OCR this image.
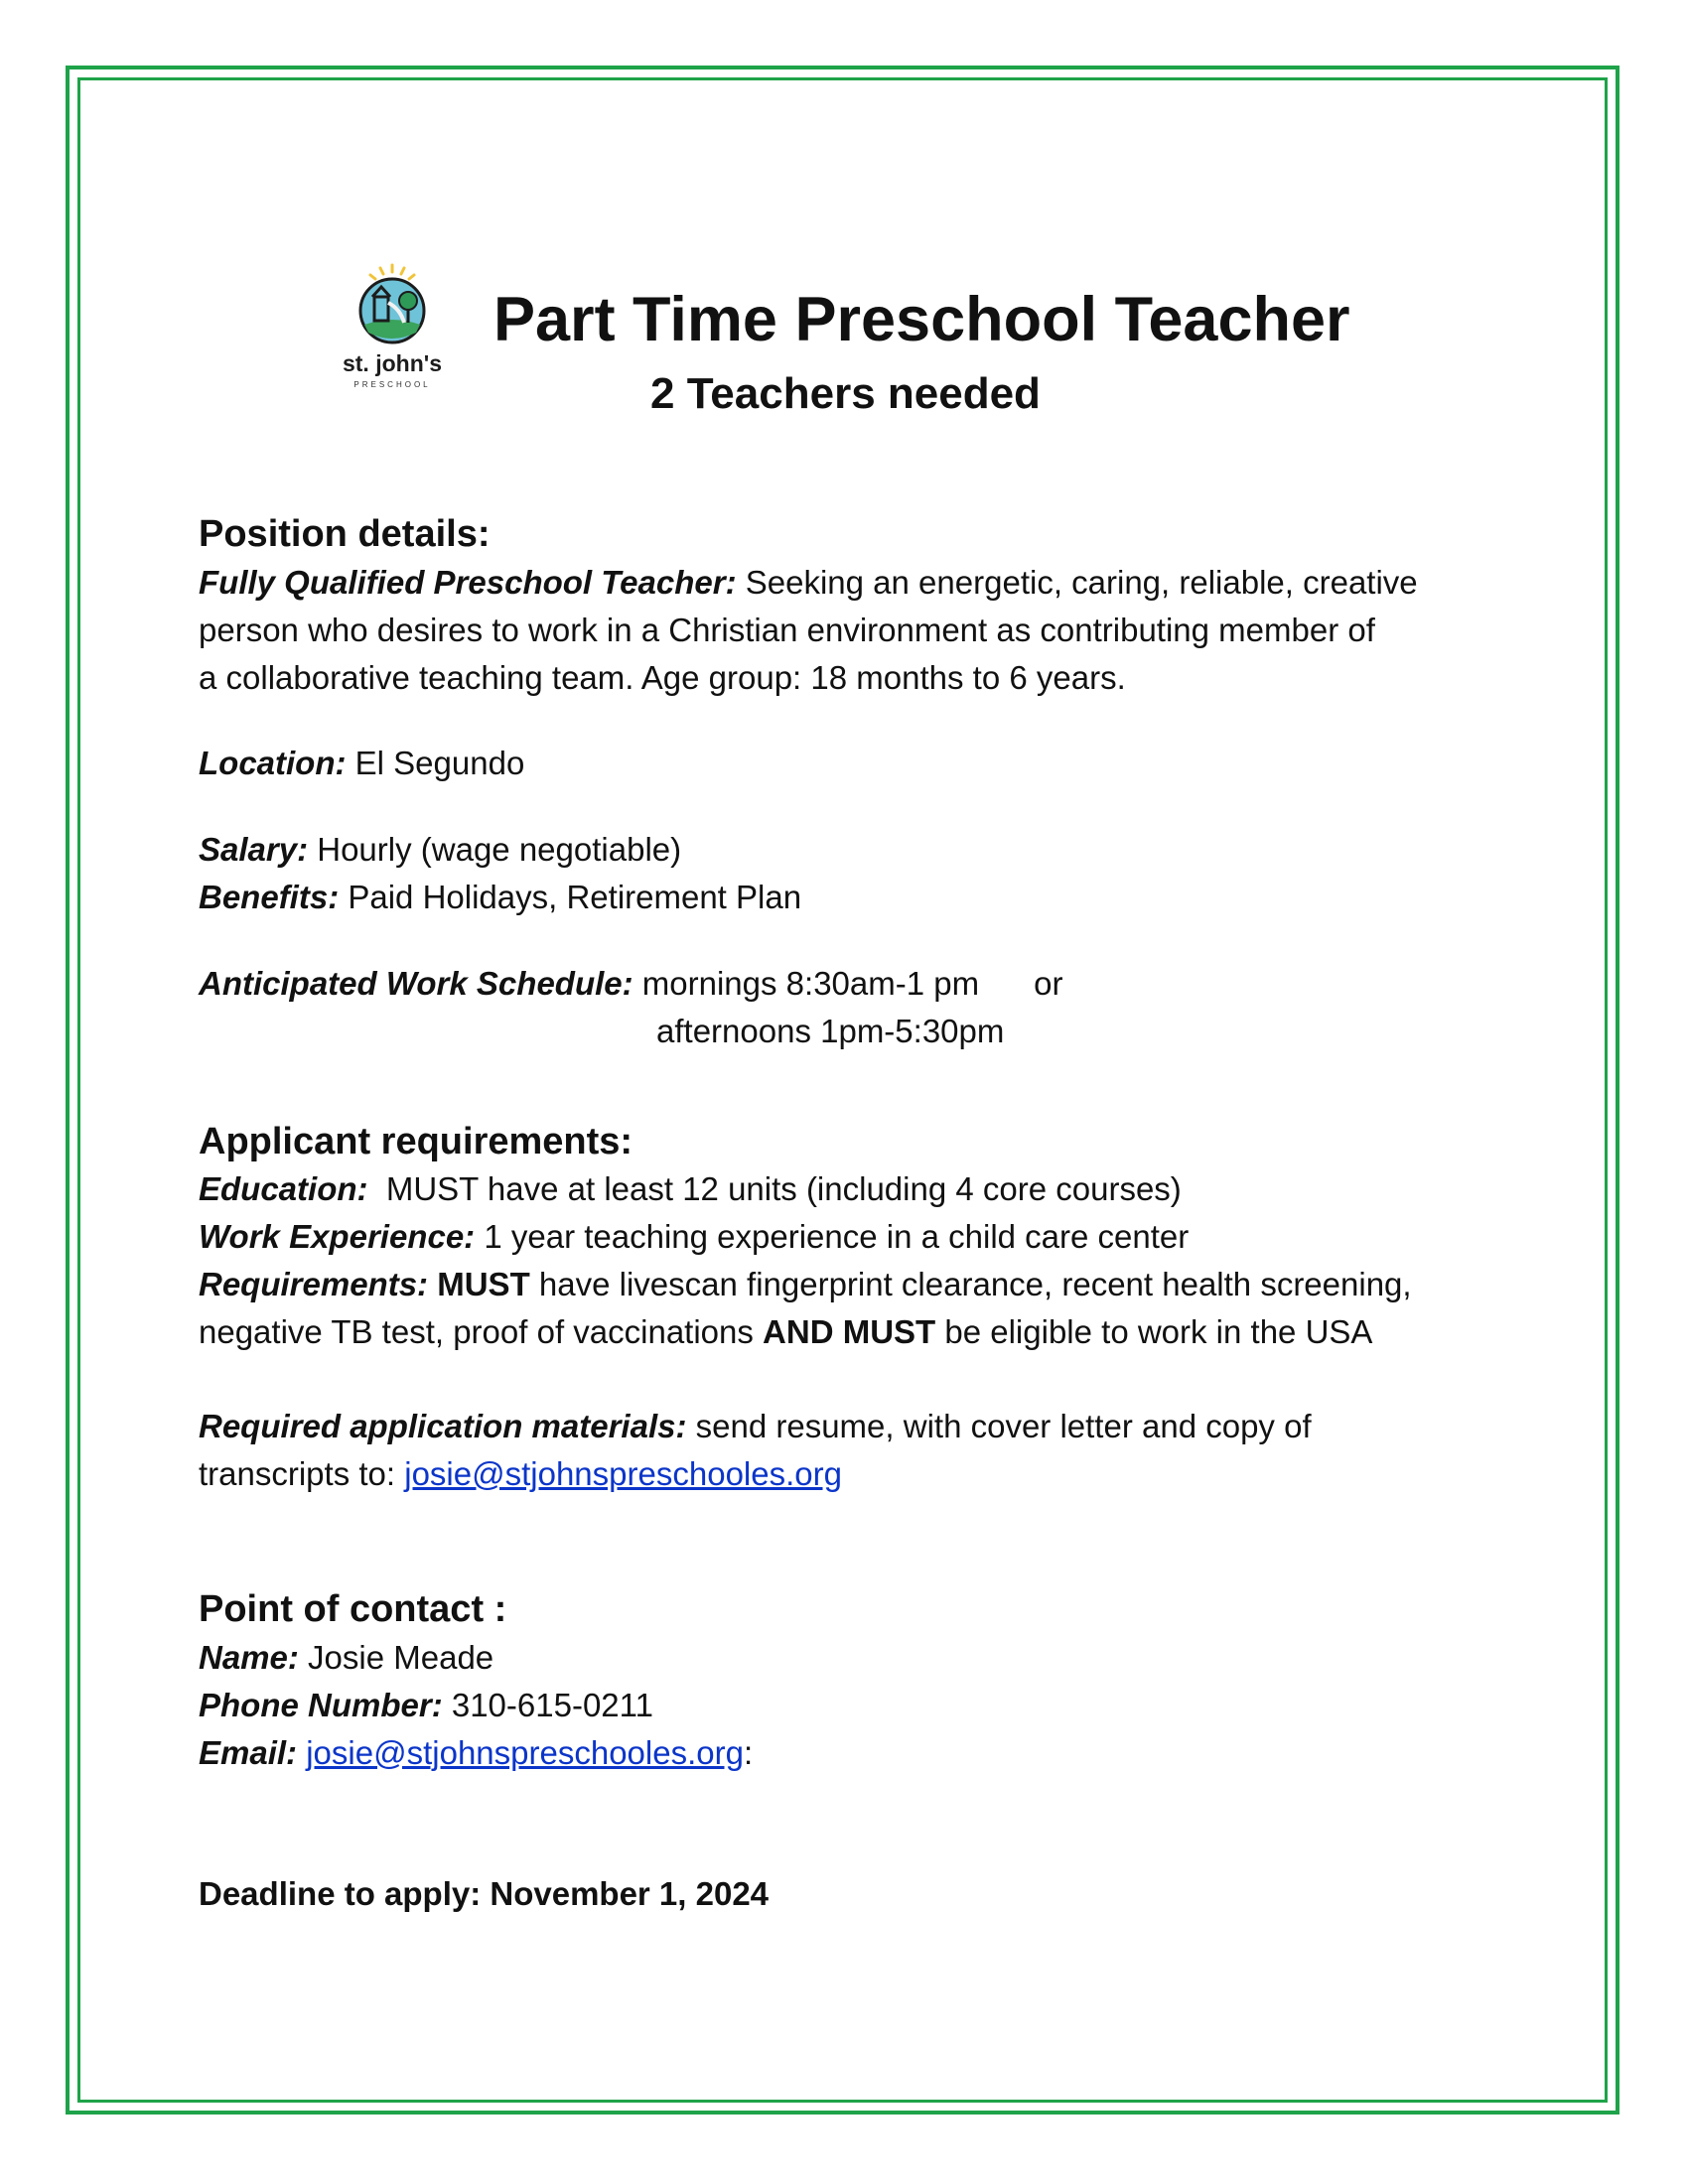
st. john's
PRESCHOOL
Part Time Preschool Teacher
2 Teachers needed
Position details:
Fully Qualified Preschool Teacher: Seeking an energetic, caring, reliable, creative
person who desires to work in a Christian environment as contributing member of
a collaborative teaching team. Age group: 18 months to 6 years.
Location: El Segundo
Salary: Hourly (wage negotiable)
Benefits: Paid Holidays, Retirement Plan
Anticipated Work Schedule: mornings 8:30am-1 pm      or
afternoons 1pm-5:30pm
Applicant requirements:
Education:  MUST have at least 12 units (including 4 core courses)
Work Experience: 1 year teaching experience in a child care center
Requirements: MUST have livescan fingerprint clearance, recent health screening,
negative TB test, proof of vaccinations AND MUST be eligible to work in the USA
Required application materials: send resume, with cover letter and copy of
transcripts to: josie@stjohnspreschooles.org
Point of contact :
Name: Josie Meade
Phone Number: 310-615-0211
Email: josie@stjohnspreschooles.org:
Deadline to apply: November 1, 2024
